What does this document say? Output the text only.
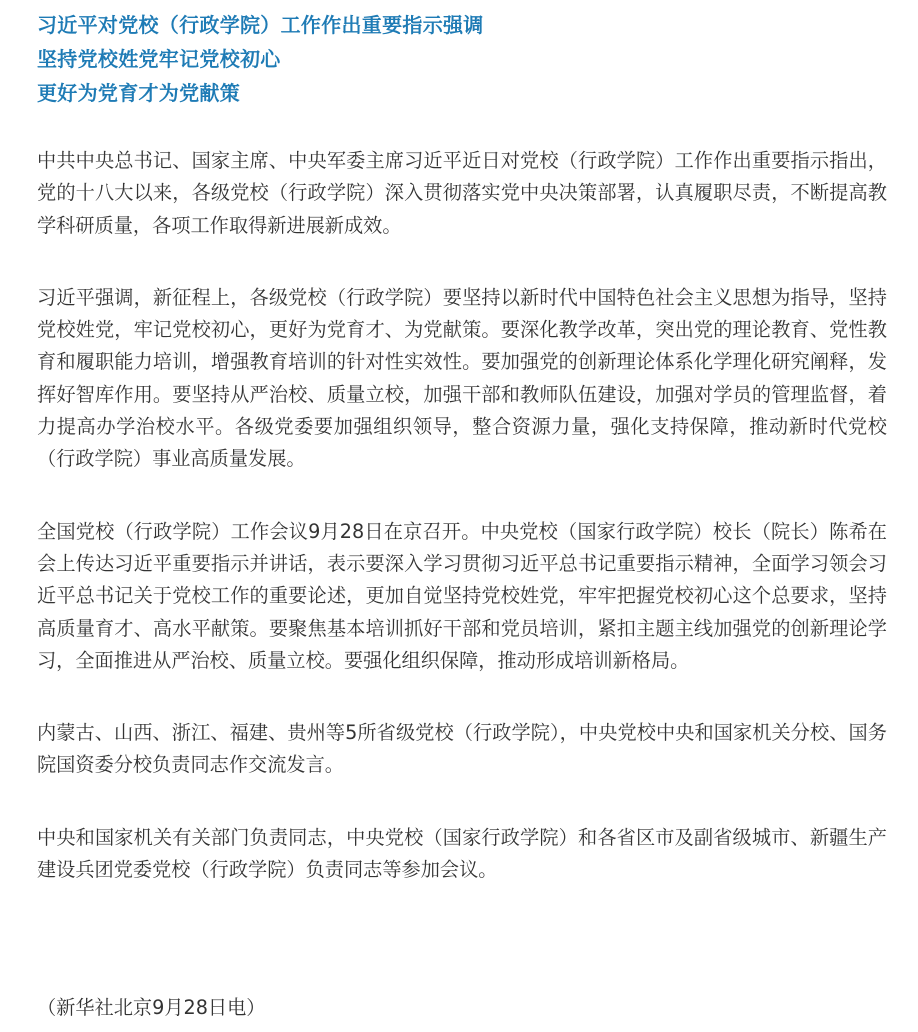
习近平对党校（行政学院）工作作出重要指示强调
坚持党校姓党牢记党校初心
更好为党育才为党献策

中共中央总书记、国家主席、中央军委主席习近平近日对党校（行政学院）工作作出重要指示指出，党的十八大以来，各级党校（行政学院）深入贯彻落实党中央决策部署，认真履职尽责，不断提高教学科研质量，各项工作取得新进展新成效。

习近平强调，新征程上，各级党校（行政学院）要坚持以新时代中国特色社会主义思想为指导，坚持党校姓党，牢记党校初心，更好为党育才、为党献策。要深化教学改革，突出党的理论教育、党性教育和履职能力培训，增强教育培训的针对性实效性。要加强党的创新理论体系化学理化研究阐释，发挥好智库作用。要坚持从严治校、质量立校，加强干部和教师队伍建设，加强对学员的管理监督，着力提高办学治校水平。各级党委要加强组织领导，整合资源力量，强化支持保障，推动新时代党校（行政学院）事业高质量发展。

全国党校（行政学院）工作会议9月28日在京召开。中央党校（国家行政学院）校长（院长）陈希在会上传达习近平重要指示并讲话，表示要深入学习贯彻习近平总书记重要指示精神，全面学习领会习近平总书记关于党校工作的重要论述，更加自觉坚持党校姓党，牢牢把握党校初心这个总要求，坚持高质量育才、高水平献策。要聚焦基本培训抓好干部和党员培训，紧扣主题主线加强党的创新理论学习，全面推进从严治校、质量立校。要强化组织保障，推动形成培训新格局。

内蒙古、山西、浙江、福建、贵州等5所省级党校（行政学院），中央党校中央和国家机关分校、国务院国资委分校负责同志作交流发言。

中央和国家机关有关部门负责同志，中央党校（国家行政学院）和各省区市及副省级城市、新疆生产建设兵团党委党校（行政学院）负责同志等参加会议。

（新华社北京9月28日电）
